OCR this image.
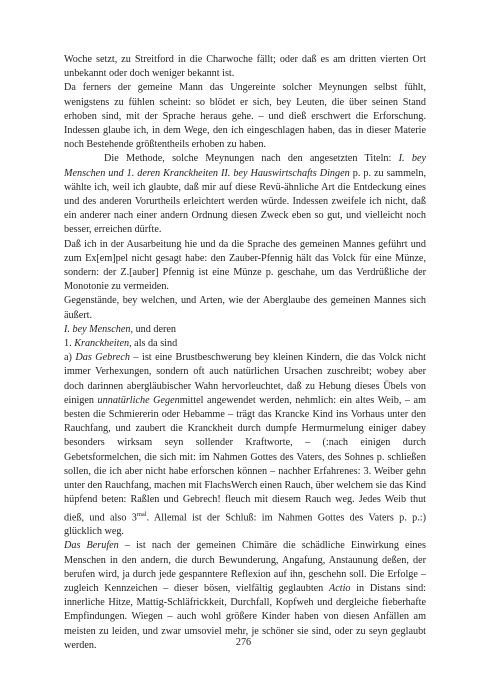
Woche setzt, zu Streitford in die Charwoche fällt; oder daß es am dritten vierten Ort unbekannt oder doch weniger bekannt ist.

Da ferners der gemeine Mann das Ungereinte solcher Meynungen selbst fühlt, wenigstens zu fühlen scheint: so blödet er sich, bey Leuten, die über seinen Stand erhoben sind, mit der Sprache heraus gehe. – und dieß erschwert die Erforschung. Indessen glaube ich, in dem Wege, den ich eingeschlagen haben, das in dieser Materie noch Bestehende größtentheils erhoben zu haben.

Die Methode, solche Meynungen nach den angesetzten Titeln: I. bey Menschen und 1. deren Kranckheiten II. bey Hauswirtschafts Dingen p. p. zu sammeln, wählte ich, weil ich glaubte, daß mir auf diese Revü-ähnliche Art die Entdeckung eines und des anderen Vorurtheils erleichtert werden würde. Indessen zweifele ich nicht, daß ein anderer nach einer andern Ordnung diesen Zweck eben so gut, und vielleicht noch besser, erreichen dürfte.

Daß ich in der Ausarbeitung hie und da die Sprache des gemeinen Mannes geführt und zum Ex[em]pel nicht gesagt habe: den Zauber-Pfennig hält das Volck für eine Münze, sondern: der Z.[auber] Pfennig ist eine Münze p. geschahe, um das Verdrüßliche der Monotonie zu vermeiden.

Gegenstände, bey welchen, und Arten, wie der Aberglaube des gemeinen Mannes sich äußert.

I. bey Menschen, und deren

1. Kranckheiten, als da sind

a) Das Gebrech – ist eine Brustbeschwerung bey kleinen Kindern, die das Volck nicht immer Verhexungen, sondern oft auch natürlichen Ursachen zuschreibt; wobey aber doch darinnen abergläubischer Wahn hervorleuchtet, daß zu Hebung dieses Übels von einigen unnatürliche Gegenmittel angewendet werden, nehmlich: ein altes Weib, – am besten die Schmiererin oder Hebamme – trägt das Krancke Kind ins Vorhaus unter den Rauchfang, und zaubert die Kranckheit durch dumpfe Hermurmelung einiger dabey besonders wirksam seyn sollender Kraftworte, – (:nach einigen durch Gebetsformelchen, die sich mit: im Nahmen Gottes des Vaters, des Sohnes p. schließen sollen, die ich aber nicht habe erforschen können – nachher Erfahrenes: 3. Weiber gehn unter den Rauchfang, machen mit FlachsWerch einen Rauch, über welchem sie das Kind hüpfend beten: Raßlen und Gebrech! fleuch mit diesem Rauch weg. Jedes Weib thut dieß, und also $3^{mal}$. Allemal ist der Schluß: im Nahmen Gottes des Vaters p. p.:) glücklich weg.

Das Berufen – ist nach der gemeinen Chimäre die schädliche Einwirkung eines Menschen in den andern, die durch Bewunderung, Angafung, Anstaunung deßen, der berufen wird, ja durch jede gespanntere Reflexion auf ihn, geschehn soll. Die Erfolge – zugleich Kennzeichen – dieser bösen, vielfältig geglaubten Actio in Distans sind: innerliche Hitze, Mattig-Schläfrickkeit, Durchfall, Kopfweh und dergleiche fieberhafte Empfindungen. Wiegen – auch wohl größere Kinder haben von diesen Anfällen am meisten zu leiden, und zwar umsoviel mehr, je schöner sie sind, oder zu seyn geglaubt werden.	276
